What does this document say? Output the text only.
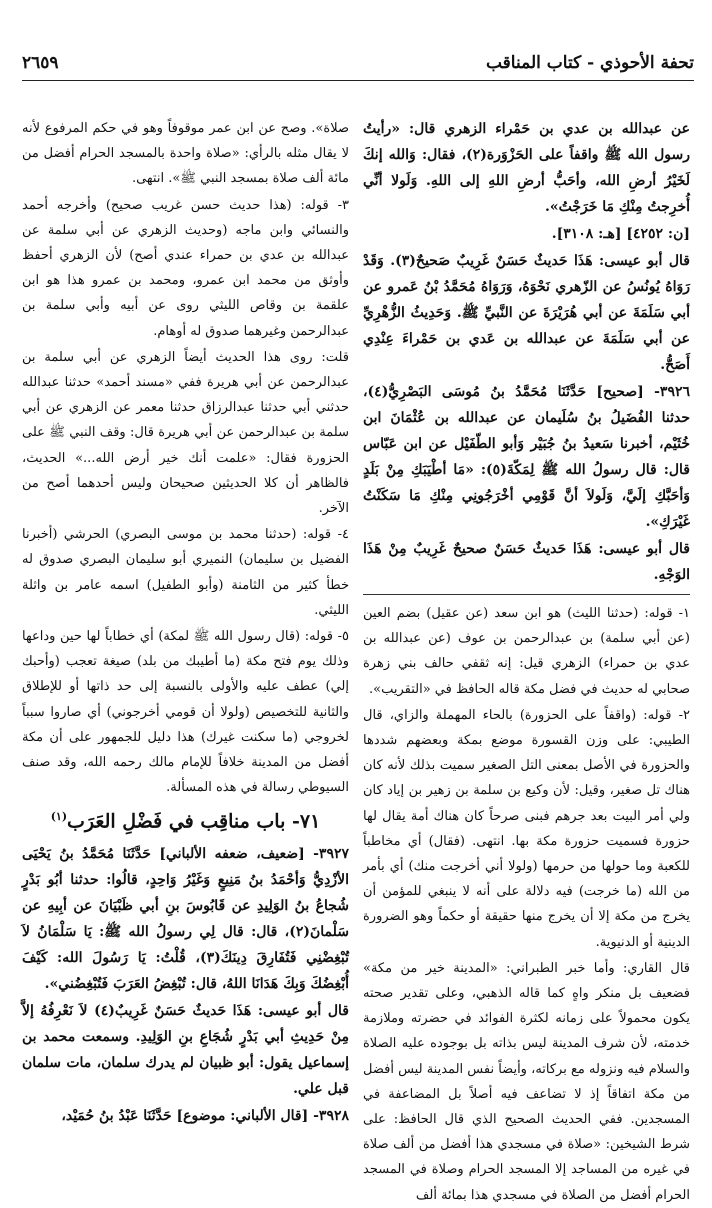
تحفة الأحوذي - كتاب المناقب
٢٦٥٩

عن عبدالله بن عدي بن حَمْراء الزهري قال: «رأيتُ رسول الله ﷺ واقفاً على الحَزْوَرة(٢)، فقال: وَالله إنكَ لَخَيْرُ أرضِ الله، وأحَبُّ أرضِ اللهِ إلى اللهِ. وَلَولا أنِّي أُخرِجتُ مِنْكِ مَا خَرَجْتُ».

[ن: ٤٢٥٢] [هـ: ٣١٠٨].

قال أبو عيسى: هَذَا حَديثٌ حَسَنٌ غَرِيبٌ صَحيحٌ(٣). وَقَدْ رَوَاهُ يُونُسُ عن الزّهري نَحْوَهُ، وَرَوَاهُ مُحَمَّدُ بْنُ عَمرو عن أبي سَلَمَةَ عن أبي هُرَيْرَةَ عن النَّبيِّ ﷺ. وَحَدِيثُ الزُّهْرِيِّ عن أبي سَلَمَةَ عن عبدالله بن عَدي بن حَمْراءَ عِنْدِي أَصَحُّ.

٣٩٢٦- [صحيح] حَدَّثَنَا مُحَمَّدُ بنُ مُوسَى البَصْرِيُّ(٤)، حدثنا الفُضَيلُ بنُ سُلَيمان عن عبدالله بن عُثْمَانَ ابن خُثَيْم، أخبرنا سَعيدُ بنُ جُبَيْر وَأبو الطّفَيْل عن ابن عَبّاس قال: قال رسولُ الله ﷺ لِمَكّةَ(٥): «مَا أطْيَبَكِ مِنْ بَلَدٍ وَأحَبَّكِ إلَيَّ، وَلَولاَ أنَّ قَوْمِي أخْرَجُونِي مِنْكِ مَا سَكَنْتُ غَيْرَكِ».

قال أبو عيسى: هَذَا حَديثٌ حَسَنٌ صحيحٌ غَرِيبٌ مِنْ هَذَا الوَجْهِ.

١- قوله: (حدثنا الليث) هو ابن سعد (عن عقيل) بضم العين (عن أبي سلمة) بن عبدالرحمن بن عوف (عن عبدالله بن عدي بن حمراء) الزهري قيل: إنه ثقفي حالف بني زهرة صحابي له حديث في فضل مكة قاله الحافظ في «التقريب».

٢- قوله: (واقفاً على الحزورة) بالحاء المهملة والزاي، قال الطيبي: على وزن القسورة موضع بمكة وبعضهم شددها والحزورة في الأصل بمعنى التل الصغير سميت بذلك لأنه كان هناك تل صغير، وقيل: لأن وكيع بن سلمة بن زهير بن إياد كان ولي أمر البيت بعد جرهم فبنى صرحاً كان هناك أمة يقال لها حزورة فسميت حزورة مكة بها. انتهى. (فقال) أي مخاطباً للكعبة وما حولها من حرمها (ولولا أني أخرجت منك) أي بأمر من الله (ما خرجت) فيه دلالة على أنه لا ينبغي للمؤمن أن يخرج من مكة إلا أن يخرج منها حقيقة أو حكماً وهو الضرورة الدينية أو الدنيوية.

قال القاري: وأما خبر الطبراني: «المدينة خير من مكة» فضعيف بل منكر واهٍ كما قاله الذهبي، وعلى تقدير صحته يكون محمولاً على زمانه لكثرة الفوائد في حضرته وملازمة خدمته، لأن شرف المدينة ليس بذاته بل بوجوده عليه الصلاة والسلام فيه ونزوله مع بركاته، وأيضاً نفس المدينة ليس أفضل من مكة اتفاقاً إذ لا تضاعف فيه أصلاً بل المضاعفة في المسجدين. ففي الحديث الصحيح الذي قال الحافظ: على شرط الشيخين: «صلاة في مسجدي هذا أفضل من ألف صلاة في غيره من المساجد إلا المسجد الحرام وصلاة في المسجد الحرام أفضل من الصلاة في مسجدي هذا بمائة ألف

صلاة». وصح عن ابن عمر موقوفاً وهو في حكم المرفوع لأنه لا يقال مثله بالرأي: «صلاة واحدة بالمسجد الحرام أفضل من مائة ألف صلاة بمسجد النبي ﷺ». انتهى.

٣- قوله: (هذا حديث حسن غريب صحيح) وأخرجه أحمد والنسائي وابن ماجه (وحديث الزهري عن أبي سلمة عن عبدالله بن عدي بن حمراء عندي أصح) لأن الزهري أحفظ وأوثق من محمد ابن عمرو، ومحمد بن عمرو هذا هو ابن علقمة بن وقاص الليثي روى عن أبيه وأبي سلمة بن عبدالرحمن وغيرهما صدوق له أوهام.

قلت: روى هذا الحديث أيضاً الزهري عن أبي سلمة بن عبدالرحمن عن أبي هريرة ففي «مسند أحمد» حدثنا عبدالله حدثني أبي حدثنا عبدالرزاق حدثنا معمر عن الزهري عن أبي سلمة بن عبدالرحمن عن أبي هريرة قال: وقف النبي ﷺ على الحزورة فقال: «علمت أنك خير أرض الله...» الحديث، فالظاهر أن كلا الحديثين صحيحان وليس أحدهما أصح من الآخر.

٤- قوله: (حدثنا محمد بن موسى البصري) الحرشي (أخبرنا الفضيل بن سليمان) النميري أبو سليمان البصري صدوق له خطأ كثير من الثامنة (وأبو الطفيل) اسمه عامر بن واثلة الليثي.

٥- قوله: (قال رسول الله ﷺ لمكة) أي خطاباً لها حين وداعها وذلك يوم فتح مكة (ما أطيبك من بلد) صيغة تعجب (وأحبك إلي) عطف عليه والأولى بالنسبة إلى حد ذاتها أو للإطلاق والثانية للتخصيص (ولولا أن قومي أخرجوني) أي صاروا سبباً لخروجي (ما سكنت غيرك) هذا دليل للجمهور على أن مكة أفضل من المدينة خلافاً للإمام مالك رحمه الله، وقد صنف السيوطي رسالة في هذه المسألة.

٧١- باب مناقِب في فَضْلِ العَرَب$^{(١)}$

٣٩٢٧- [ضعيف، ضعفه الألباني] حَدَّثَنَا مُحَمَّدُ بنُ يَحْيَى الأزْدِيُّ وَأحْمَدُ بنُ مَنِيعٍ وَغَيْرُ وَاحِدٍ، قالُوا: حدثنا أبُو بَدْرٍ شُجاعُ بنُ الوَلِيدِ عن قَابُوسَ بنِ أبي ظَبْيَانَ عن أبِيهِ عن سَلْمانَ(٢)، قال: قال لِي رسولُ الله ﷺ: يَا سَلْمَانُ لاَ تُبْغِضْنِي فَتُفَارِقَ دِينَكَ(٣)، قُلْتُ: يَا رَسُولَ الله: كَيْفَ أُبْغِضُكَ وَبِكَ هَدَانَا اللهُ، قال: تُبْغِضُ العَرَبَ فَتُبْغِضُني».

قال أبو عيسى: هَذَا حَديثٌ حَسَنٌ غَرِيبٌ(٤) لاَ نَعْرِفُهُ إلاَّ مِنْ حَدِيثِ أبي بَدْرٍ شُجَاعِ بنِ الوَلِيدِ. وسمعت محمد بن إسماعيل يقول: أبو ظبيان لم يدرك سلمان، مات سلمان قبل علي.

٣٩٢٨- [قال الألباني: موضوع] حَدَّثَنَا عَبْدُ بنُ حُمَيْد،
